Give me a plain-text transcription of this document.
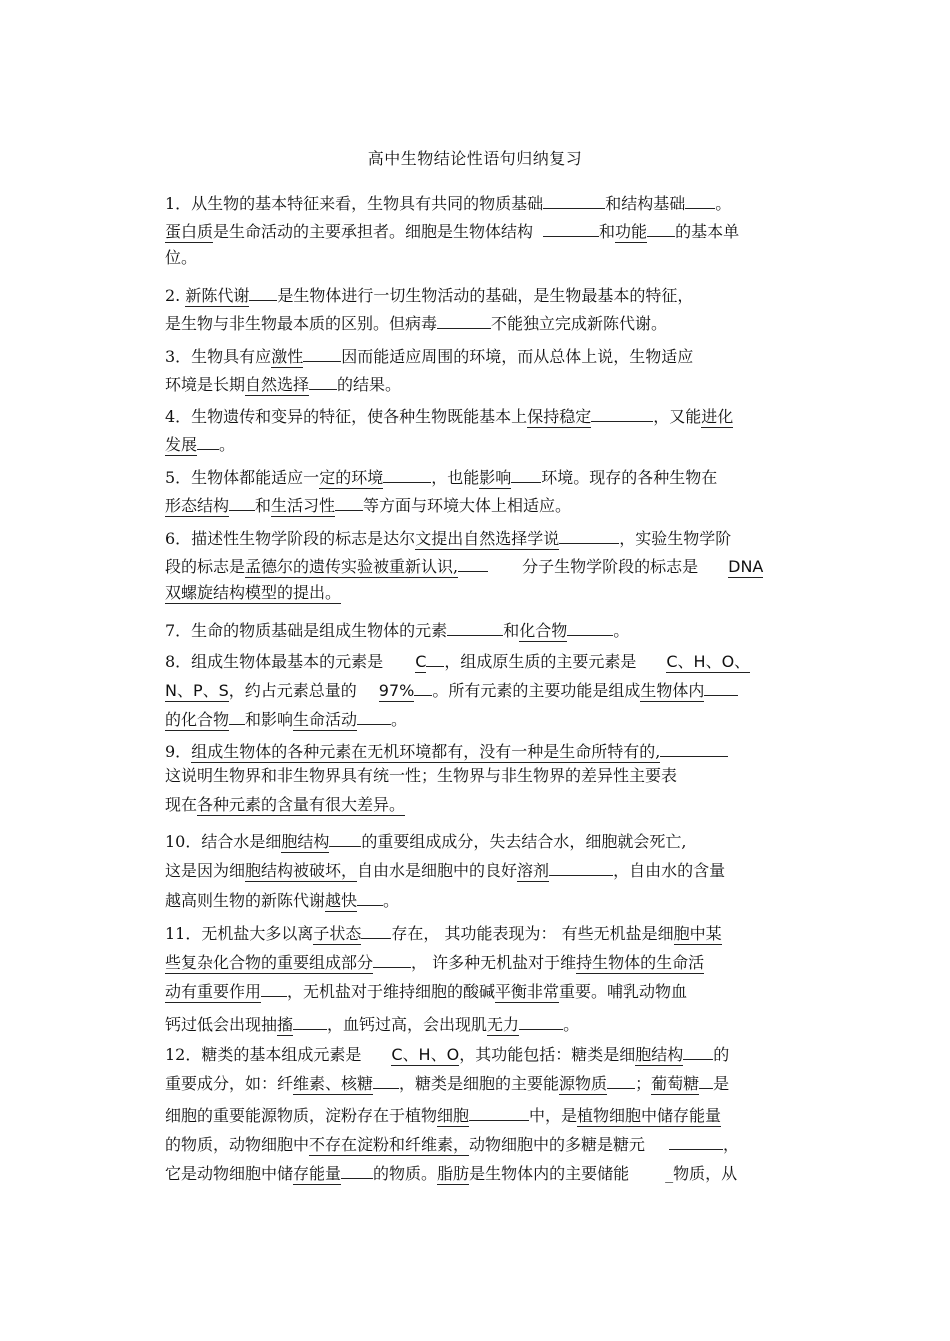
高中生物结论性语句归纳复习
1．从生物的基本特征来看，生物具有共同的物质基础	和结构基础 。
蛋白质是生命活动的主要承担者。细胞是生物体结构	和功能 的基本单
位。
2. 新陈代谢 是生物体进行一切生物活动的基础，是生物最基本的特征，
是生物与非生物最本质的区别。但病毒	不能独立完成新陈代谢。
3．生物具有应激性 因而能适应周围的环境，而从总体上说，生物适应
环境是长期自然选择 的结果。
4．生物遗传和变异的特征，使各种生物既能基本上保持稳定	，又能进化
发展 。
5．生物体都能适应一定的环境	，也能影响 环境。现存的各种生物在
形态结构 和生活习性 等方面与环境大体上相适应。
6．描述性生物学阶段的标志是达尔文提出自然选择学说	，实验生物学阶
段的标志是孟德尔的遗传实验被重新认识,	分子生物学阶段的标志是 DNA
双螺旋结构模型的提出。
7．生命的物质基础是组成生物体的元素	和化合物	。
8．组成生物体最基本的元素是 C ，组成原生质的主要元素是 C、H、O、
N、P、S，约占元素总量的 97% 。所有元素的主要功能是组成生物体内
的化合物 和影响生命活动 。
9．组成生物体的各种元素在无机环境都有，没有一种是生命所特有的,
这说明生物界和非生物界具有统一性；生物界与非生物界的差异性主要表
现在各种元素的含量有很大差异。
10．结合水是细胞结构 的重要组成成分，失去结合水，细胞就会死亡,
这是因为细胞结构被破坏，自由水是细胞中的良好溶剂	，自由水的含量
越高则生物的新陈代谢越快 。
11．无机盐大多以离子状态 存在， 其功能表现为： 有些无机盐是细胞中某
些复杂化合物的重要组成部分 ， 许多种无机盐对于维持生物体的生命活
动有重要作用 ，无机盐对于维持细胞的酸碱平衡非常重要。哺乳动物血
钙过低会出现抽搐 ，血钙过高，会出现肌无力	。
12．糖类的基本组成元素是 C、H、O，其功能包括：糖类是细胞结构 的
重要成分，如：纤维素、核糖 ，糖类是细胞的主要能源物质 ；葡萄糖 是
细胞的重要能源物质，淀粉存在于植物细胞	中，是植物细胞中储存能量
的物质，动物细胞中不存在淀粉和纤维素，动物细胞中的多糖是糖元	，
它是动物细胞中储存能量 的物质。脂肪是生物体内的主要储能 _物质，从
